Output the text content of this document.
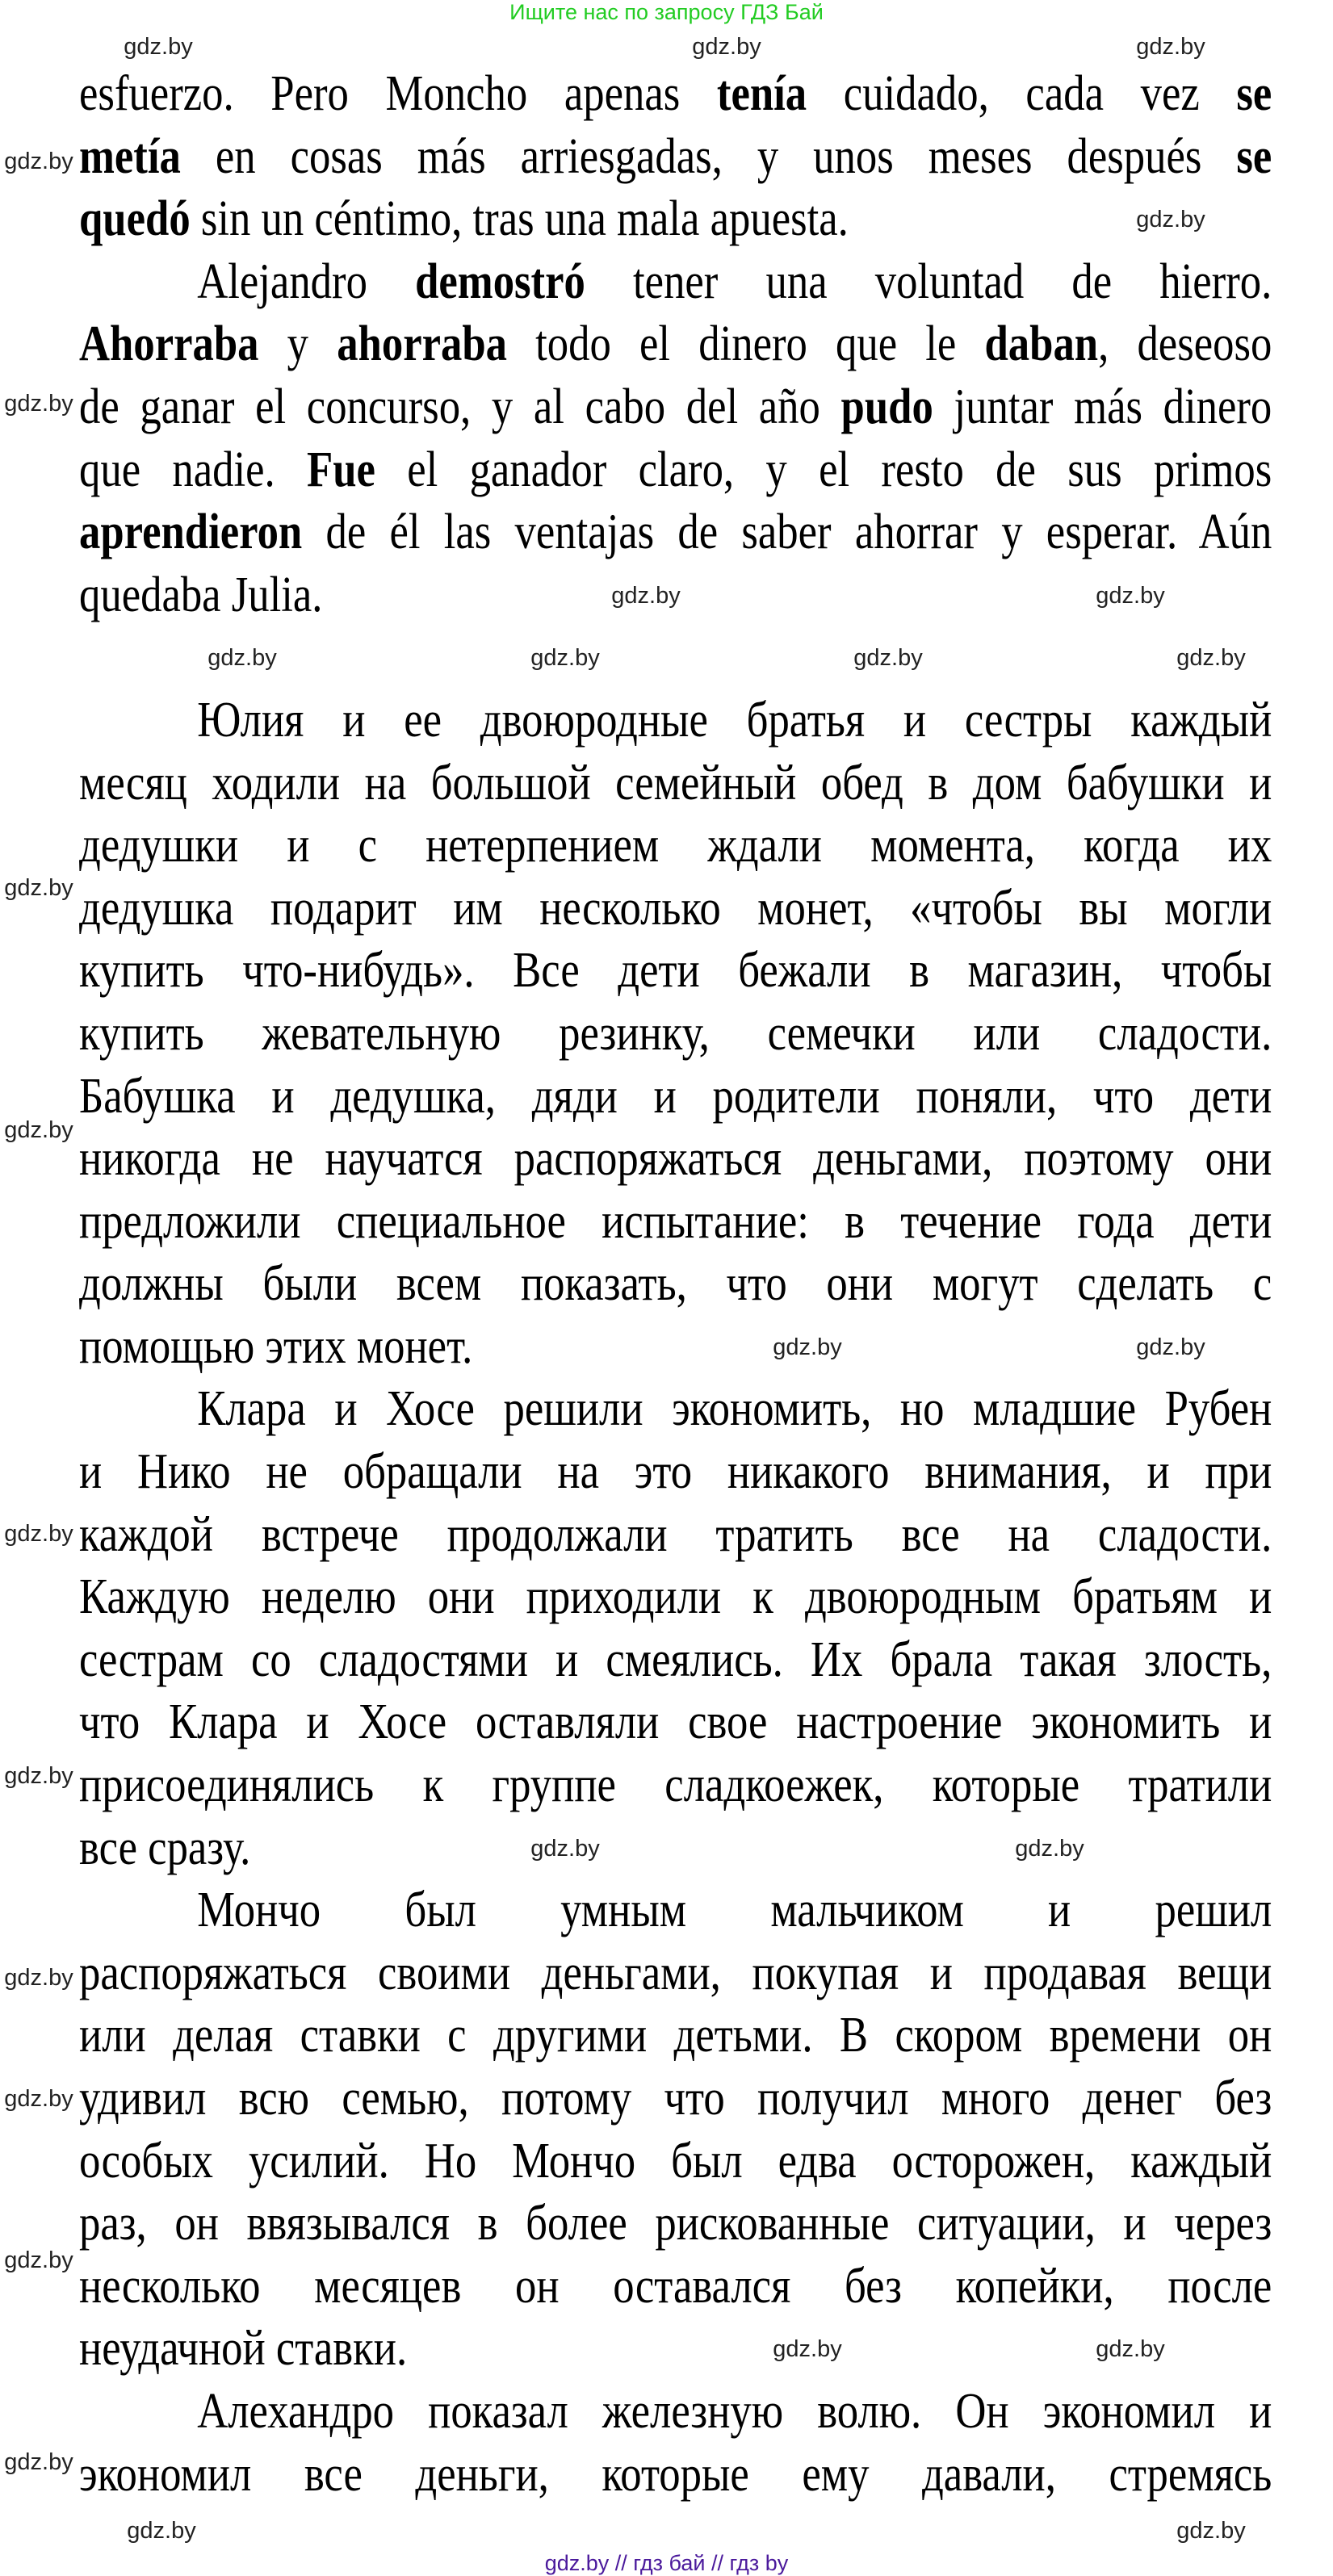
Ищите нас по запросу ГДЗ Бай
esfuerzo. Pero Moncho apenas tenía cuidado, cada vez se
metía en cosas más arriesgadas, y unos meses después se
quedó sin un céntimo, tras una mala apuesta.
Alejandro demostró tener una voluntad de hierro.
Ahorraba y ahorraba todo el dinero que le daban, deseoso
de ganar el concurso, y al cabo del año pudo juntar más dinero
que nadie. Fue el ganador claro, y el resto de sus primos
aprendieron de él las ventajas de saber ahorrar y esperar. Aún
quedaba Julia.
Юлия и ее двоюродные братья и сестры каждый
месяц ходили на большой семейный обед в дом бабушки и
дедушки и с нетерпением ждали момента, когда их
дедушка подарит им несколько монет, «чтобы вы могли
купить что-нибудь». Все дети бежали в магазин, чтобы
купить жевательную резинку, семечки или сладости.
Бабушка и дедушка, дяди и родители поняли, что дети
никогда не научатся распоряжаться деньгами, поэтому они
предложили специальное испытание: в течение года дети
должны были всем показать, что они могут сделать с
помощью этих монет.
Клара и Хосе решили экономить, но младшие Рубен
и Нико не обращали на это никакого внимания, и при
каждой встрече продолжали тратить все на сладости.
Каждую неделю они приходили к двоюродным братьям и
сестрам со сладостями и смеялись. Их брала такая злость,
что Клара и Хосе оставляли свое настроение экономить и
присоединялись к группе сладкоежек, которые тратили
все сразу.
Мончо был умным мальчиком и решил
распоряжаться своими деньгами, покупая и продавая вещи
или делая ставки с другими детьми. В скором времени он
удивил всю семью, потому что получил много денег без
особых усилий. Но Мончо был едва осторожен, каждый
раз, он ввязывался в более рискованные ситуации, и через
несколько месяцев он оставался без копейки, после
неудачной ставки.
Алехандро показал железную волю. Он экономил и
экономил все деньги, которые ему давали, стремясь
gdz.by	gdz.by	gdz.by
gdz.by
gdz.by	gdz.by
gdz.by	gdz.by	gdz.by	gdz.by
gdz.by	gdz.by
gdz.by	gdz.by
gdz.by	gdz.by
gdz.by
gdz.by
gdz.by
gdz.by
gdz.by
gdz.by
gdz.by
gdz.by
gdz.by
gdz.by
gdz.by	gdz.by
gdz.by // гдз бай // гдз by
